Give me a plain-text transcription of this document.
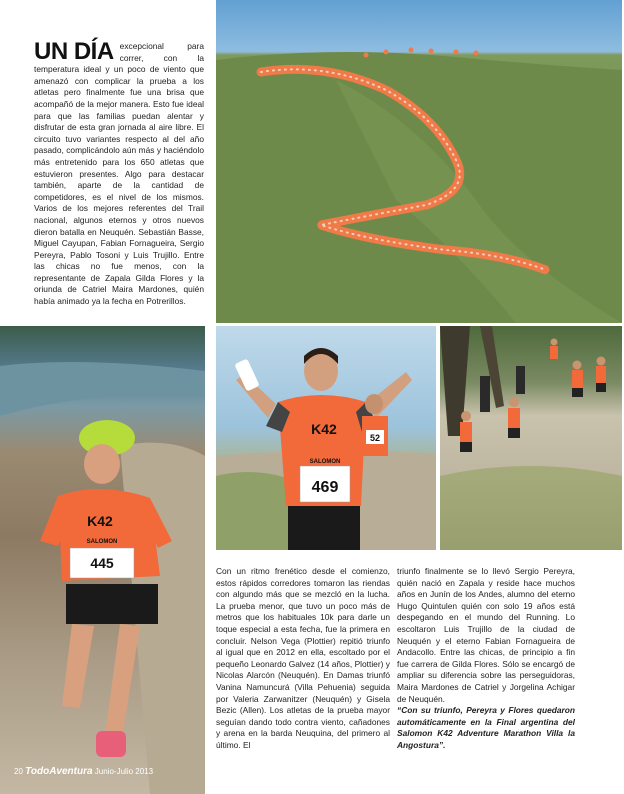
UN DÍA excepcional para correr, con la temperatura ideal y un poco de viento que amenazó con complicar la prueba a los atletas pero finalmente fue una brisa que acompañó de la mejor manera. Esto fue ideal para que las familias puedan alentar y disfrutar de esta gran jornada al aire libre. El circuito tuvo variantes respecto al del año pasado, complicándolo aún más y haciéndolo más entretenido para los 650 atletas que estuvieron presentes. Algo para destacar también, aparte de la cantidad de competidores, es el nivel de los mismos. Varios de los mejores referentes del Trail nacional, algunos eternos y otros nuevos dieron batalla en Neuquén. Sebastián Basse, Miguel Cayupan, Fabian Fornagueira, Sergio Pereyra, Pablo Tosoni y Luis Trujillo. Entre las chicas no fue menos, con la representante de Zapala Gilda Flores y la oriunda de Catriel Maira Mardones, quién había animado ya la fecha en Potrerillos.
445
K42
SALOMON
52
469
K42
SALOMON
Con un ritmo frenético desde el comienzo, estos rápidos corredores tomaron las riendas con algundo más que se mezcló en la lucha. La prueba menor, que tuvo un poco más de metros que los habituales 10k para darle un toque especial a esta fecha, fue la primera en concluir. Nelson Vega (Plottier) repitió triunfo al igual que en 2012 en ella, escoltado por el pequeño Leonardo Galvez (14 años, Plottier) y Nicolas Alarcón (Neuquén). En Damas triunfó Vanina Namuncurá (Villa Pehuenia) seguida por Valeria Zarwanitzer (Neuquén) y Gisela Bezic (Allen). Los atletas de la prueba mayor seguían dando todo contra viento, cañadones y arena en la barda Neuquina, del primero al último. El
triunfo finalmente se lo llevó Sergio Pereyra, quién nació en Zapala y reside hace muchos años en Junín de los Andes, alumno del eterno Hugo Quintulen quién con solo 19 años está despegando en el mundo del Running. Lo escoltaron Luis Trujillo de la ciudad de Neuquén y el eterno Fabian Fornagueira de Andacollo. Entre las chicas, de principio a fin fue carrera de Gilda Flores. Sólo se encargó de ampliar su diferencia sobre las perseguidoras, Maira Mardones de Catriel y Jorgelina Achigar de Neuquén.
“Con su triunfo, Pereyra y Flores quedaron automáticamente en la Final argentina del Salomon K42 Adventure Marathon Villa la Angostura”.
20 TodoAventura Junio-Julio 2013
